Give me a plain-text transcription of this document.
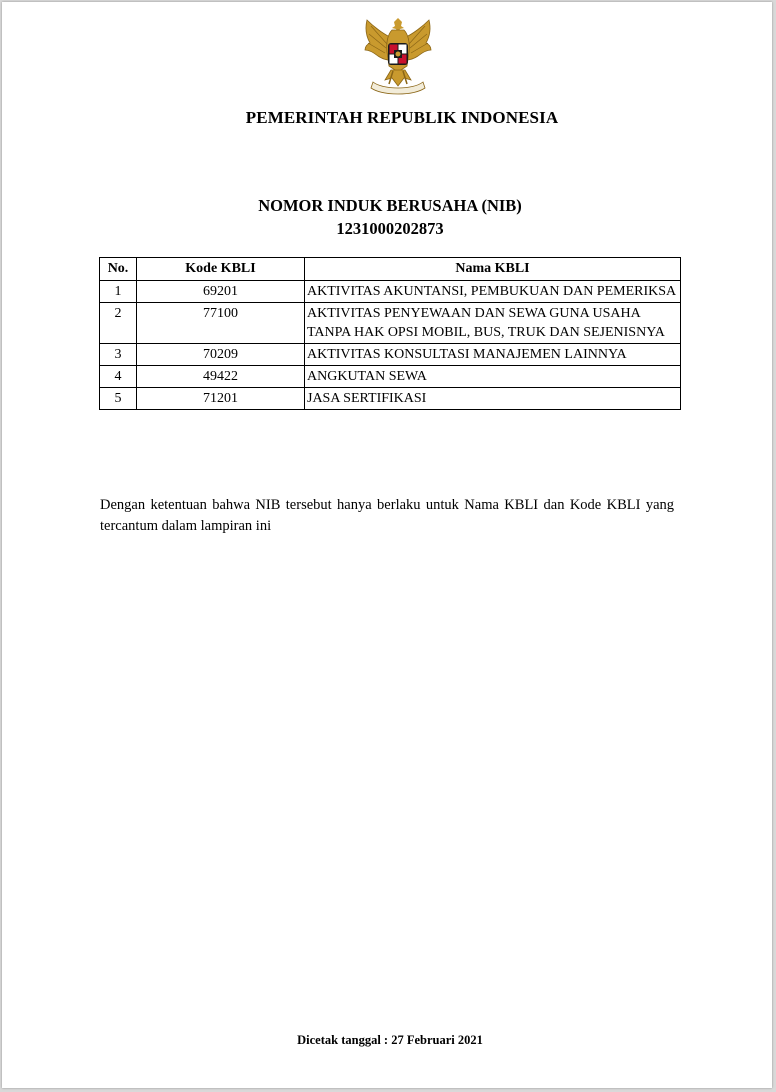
PEMERINTAH REPUBLIK INDONESIA
NOMOR INDUK BERUSAHA (NIB)
1231000202873
No.	Kode KBLI	Nama KBLI
1	69201	AKTIVITAS AKUNTANSI, PEMBUKUAN DAN PEMERIKSA
2	77100	AKTIVITAS PENYEWAAN DAN SEWA GUNA USAHA TANPA HAK OPSI MOBIL, BUS, TRUK DAN SEJENISNYA
3	70209	AKTIVITAS KONSULTASI MANAJEMEN LAINNYA
4	49422	ANGKUTAN SEWA
5	71201	JASA SERTIFIKASI
Dengan ketentuan bahwa NIB tersebut hanya berlaku untuk Nama KBLI dan Kode KBLI yang tercantum dalam lampiran ini
Dicetak tanggal : 27 Februari 2021
